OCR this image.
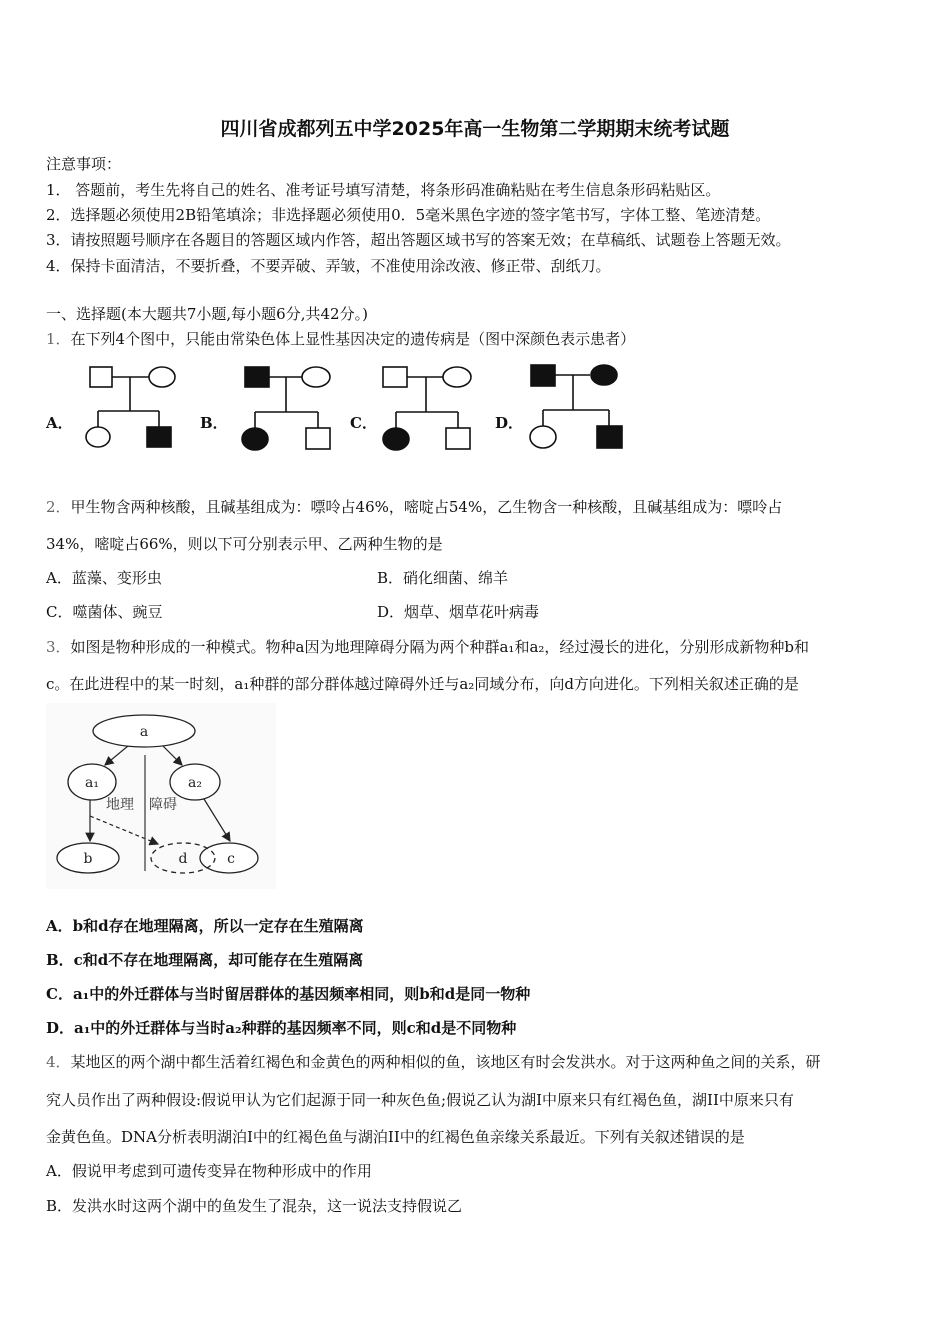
四川省成都列五中学2025年高一生物第二学期期末统考试题
注意事项：
1． 答题前，考生先将自己的姓名、准考证号填写清楚，将条形码准确粘贴在考生信息条形码粘贴区。
2．选择题必须使用2B铅笔填涂；非选择题必须使用0．5毫米黑色字迹的签字笔书写，字体工整、笔迹清楚。
3．请按照题号顺序在各题目的答题区域内作答，超出答题区域书写的答案无效；在草稿纸、试题卷上答题无效。
4．保持卡面清洁，不要折叠，不要弄破、弄皱，不准使用涂改液、修正带、刮纸刀。
一、选择题(本大题共7小题,每小题6分,共42分。)
1．在下列4个图中，只能由常染色体上显性基因决定的遗传病是（图中深颜色表示患者）
A．	B．	C．	D．
2．甲生物含两种核酸，且碱基组成为：嘌呤占46%，嘧啶占54%，乙生物含一种核酸，且碱基组成为：嘌呤占
34%，嘧啶占66%，则以下可分别表示甲、乙两种生物的是
A．蓝藻、变形虫	B．硝化细菌、绵羊
C．噬菌体、豌豆	D．烟草、烟草花叶病毒
3．如图是物种形成的一种模式。物种a因为地理障碍分隔为两个种群a₁和a₂，经过漫长的进化，分别形成新物种b和
c。在此进程中的某一时刻，a₁种群的部分群体越过障碍外迁与a₂同域分布，向d方向进化。下列相关叙述正确的是
a
a₁	a₂
b	d	c
地理 障碍
A．b和d存在地理隔离，所以一定存在生殖隔离
B．c和d不存在地理隔离，却可能存在生殖隔离
C．a₁中的外迁群体与当时留居群体的基因频率相同，则b和d是同一物种
D．a₁中的外迁群体与当时a₂种群的基因频率不同，则c和d是不同物种
4．某地区的两个湖中都生活着红褐色和金黄色的两种相似的鱼，该地区有时会发洪水。对于这两种鱼之间的关系，研
究人员作出了两种假设:假说甲认为它们起源于同一种灰色鱼;假说乙认为湖I中原来只有红褐色鱼，湖II中原来只有
金黄色鱼。DNA分析表明湖泊Ⅰ中的红褐色鱼与湖泊II中的红褐色鱼亲缘关系最近。下列有关叙述错误的是
A．假说甲考虑到可遗传变异在物种形成中的作用
B．发洪水时这两个湖中的鱼发生了混杂，这一说法支持假说乙
